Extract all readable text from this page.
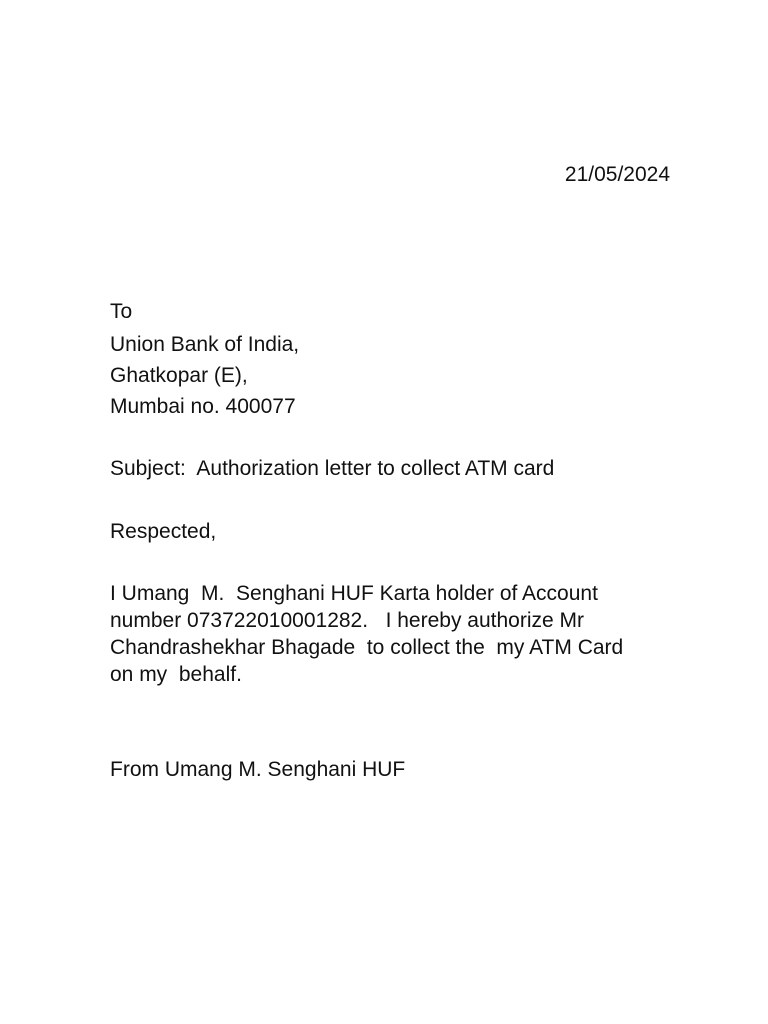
21/05/2024
To
Union Bank of India,
Ghatkopar (E),
Mumbai no. 400077
Subject:  Authorization letter to collect ATM card
Respected,
I Umang  M.  Senghani HUF Karta holder of Account
number 073722010001282.   I hereby authorize Mr
Chandrashekhar Bhagade  to collect the  my ATM Card
on my  behalf.
From Umang M. Senghani HUF
